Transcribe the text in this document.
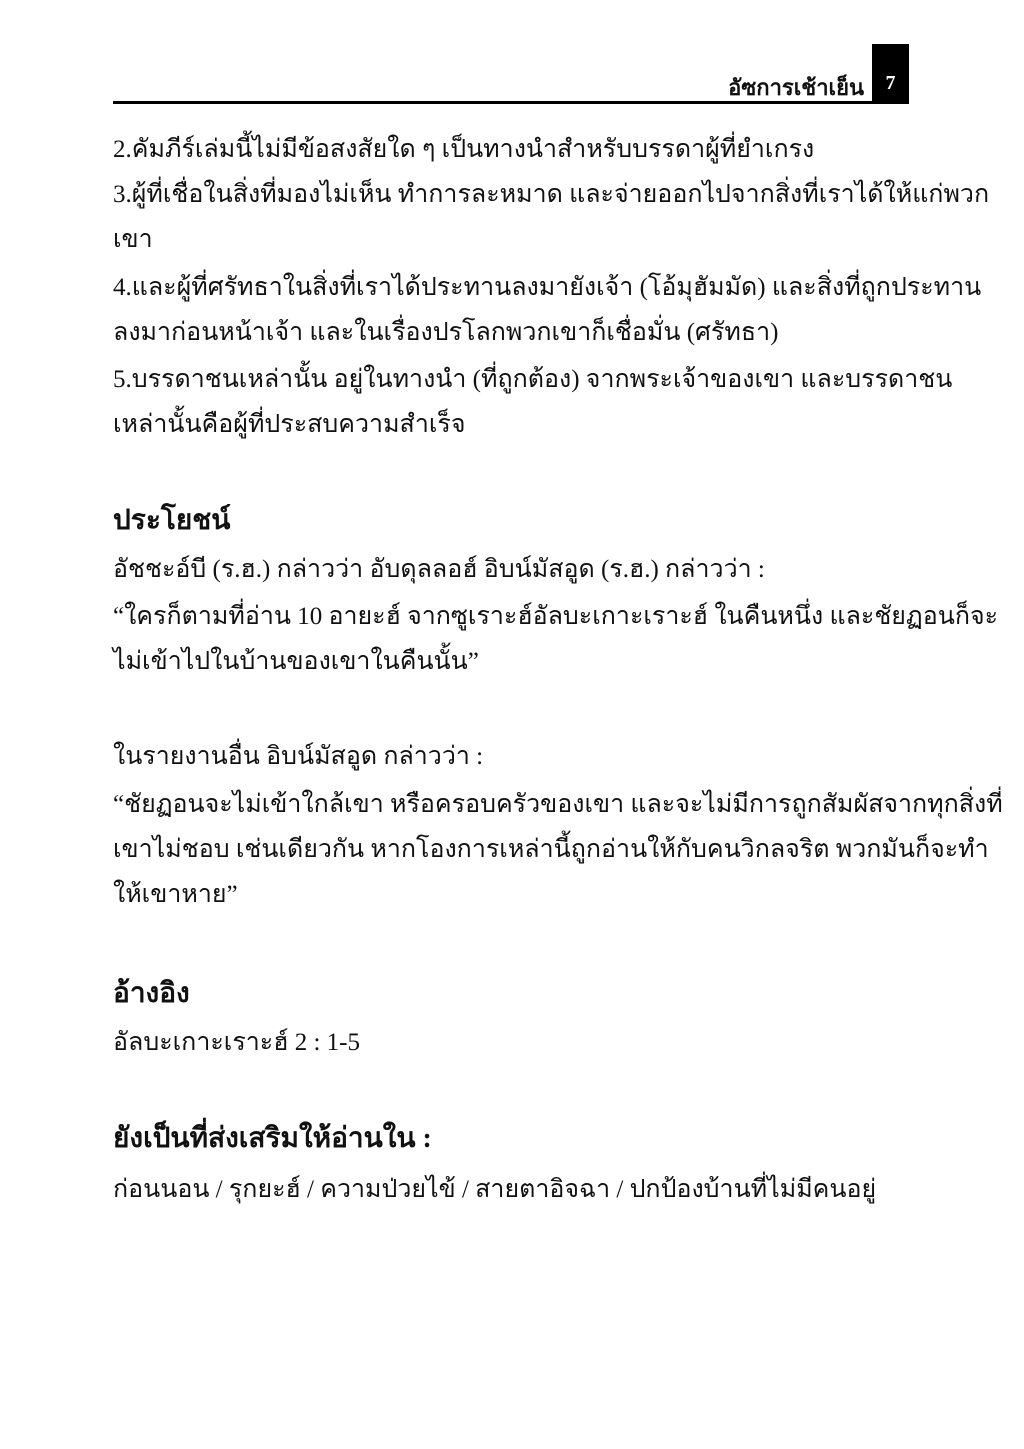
อัซการเช้าเย็น	7
2.คัมภีร์เล่มนี้ไม่มีข้อสงสัยใด ๆ เป็นทางนำสำหรับบรรดาผู้ที่ยำเกรง
3.ผู้ที่เชื่อในสิ่งที่มองไม่เห็น ทำการละหมาด และจ่ายออกไปจากสิ่งที่เราได้ให้แก่พวก
เขา
4.และผู้ที่ศรัทธาในสิ่งที่เราได้ประทานลงมายังเจ้า (โอ้มุฮัมมัด) และสิ่งที่ถูกประทาน
ลงมาก่อนหน้าเจ้า และในเรื่องปรโลกพวกเขาก็เชื่อมั่น (ศรัทธา)
5.บรรดาชนเหล่านั้น อยู่ในทางนำ (ที่ถูกต้อง) จากพระเจ้าของเขา และบรรดาชน
เหล่านั้นคือผู้ที่ประสบความสำเร็จ
ประโยชน์
อัชชะอ์บี (ร.ฮ.) กล่าวว่า อับดุลลอฮ์ อิบน์มัสอูด (ร.ฮ.) กล่าวว่า :
“ใครก็ตามที่อ่าน 10 อายะฮ์ จากซูเราะฮ์อัลบะเกาะเราะฮ์ ในคืนหนึ่ง และชัยฏอนก็จะ
ไม่เข้าไปในบ้านของเขาในคืนนั้น”
ในรายงานอื่น อิบน์มัสอูด กล่าวว่า :
“ชัยฏอนจะไม่เข้าใกล้เขา หรือครอบครัวของเขา และจะไม่มีการถูกสัมผัสจากทุกสิ่งที่
เขาไม่ชอบ เช่นเดียวกัน หากโองการเหล่านี้ถูกอ่านให้กับคนวิกลจริต พวกมันก็จะทำ
ให้เขาหาย”
อ้างอิง
อัลบะเกาะเราะฮ์ 2 : 1-5
ยังเป็นที่ส่งเสริมให้อ่านใน :
ก่อนนอน / รุกยะฮ์ / ความป่วยไข้ / สายตาอิจฉา / ปกป้องบ้านที่ไม่มีคนอยู่
